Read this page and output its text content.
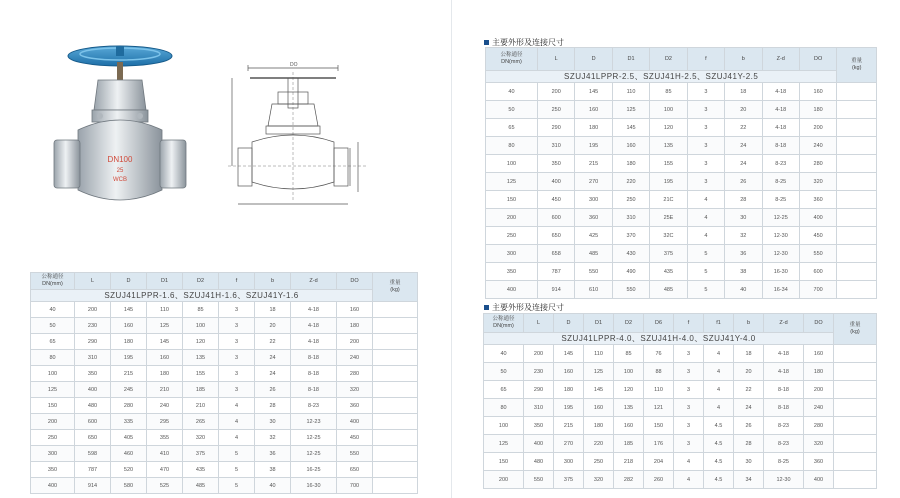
DN100
25
WCB
DO
主要外形及连接尺寸
公称通径
DN(mm)	L	D	D1	D2	f	b	Z-d	DO	重量
(kg)
SZUJ41LPPR-2.5、SZUJ41H-2.5、SZUJ41Y-2.5									
40	200	145	110	85	3	18	4-18	160	
50	250	160	125	100	3	20	4-18	180	
65	290	180	145	120	3	22	4-18	200	
80	310	195	160	135	3	24	8-18	240	
100	350	215	180	155	3	24	8-23	280	
125	400	270	220	195	3	26	8-25	320	
150	450	300	250	21C	4	28	8-25	360	
200	600	360	310	25E	4	30	12-25	400	
250	650	425	370	32C	4	32	12-30	450	
300	658	485	430	375	5	36	12-30	550	
350	787	550	490	435	5	38	16-30	600	
400	914	610	550	485	5	40	16-34	700	
公称通径
DN(mm)	L	D	D1	D2	f	b	Z-d	DO	重量
(kg)
SZUJ41LPPR-1.6、SZUJ41H-1.6、SZUJ41Y-1.6									
40	200	145	110	85	3	18	4-18	160	
50	230	160	125	100	3	20	4-18	180	
65	290	180	145	120	3	22	4-18	200	
80	310	195	160	135	3	24	8-18	240	
100	350	215	180	155	3	24	8-18	280	
125	400	245	210	185	3	26	8-18	320	
150	480	280	240	210	4	28	8-23	360	
200	600	335	295	265	4	30	12-23	400	
250	650	405	355	320	4	32	12-25	450	
300	598	460	410	375	5	36	12-25	550	
350	787	520	470	435	5	38	16-25	650	
400	914	580	525	485	5	40	16-30	700	
主要外形及连接尺寸
公称通径
DN(mm)	L	D	D1	D2	D6	f	f1	b	Z-d	DO	重量
(kg)
SZUJ41LPPR-4.0、SZUJ41H-4.0、SZUJ41Y-4.0											
40	200	145	110	85	76	3	4	18	4-18	160	
50	230	160	125	100	88	3	4	20	4-18	180	
65	290	180	145	120	110	3	4	22	8-18	200	
80	310	195	160	135	121	3	4	24	8-18	240	
100	350	215	180	160	150	3	4.5	26	8-23	280	
125	400	270	220	185	176	3	4.5	28	8-23	320	
150	480	300	250	218	204	4	4.5	30	8-25	360	
200	550	375	320	282	260	4	4.5	34	12-30	400	
